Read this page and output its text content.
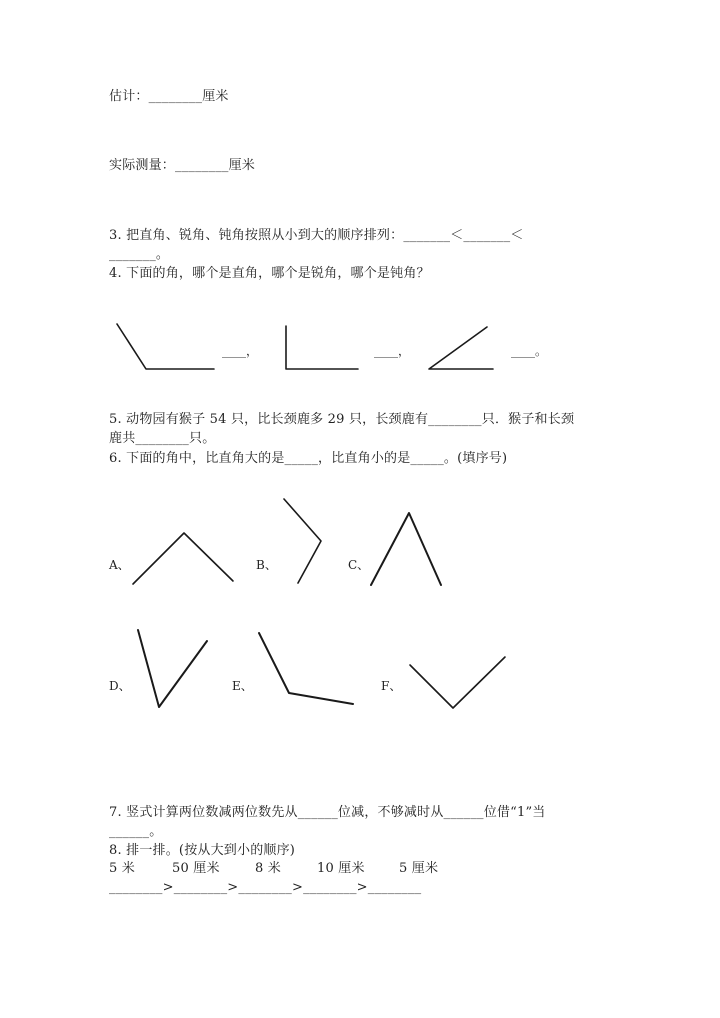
估计：________厘米
实际测量：________厘米
3. 把直角、锐角、钝角按照从小到大的顺序排列：_______＜_______＜
_______。
4. 下面的角，哪个是直角，哪个是锐角，哪个是钝角？
____，	____，	____。
5. 动物园有猴子 54 只，比长颈鹿多 29 只，长颈鹿有________只．猴子和长颈
鹿共________只。
6. 下面的角中，比直角大的是_____，比直角小的是_____。(填序号)
A、	B、	C、
D、	E、	F、
7. 竖式计算两位数减两位数先从______位减，不够减时从______位借“1”当
______。
8. 排一排。(按从大到小的顺序)
5 米	50 厘米	8 米	10 厘米	5 厘米
________>________>________>________>________
